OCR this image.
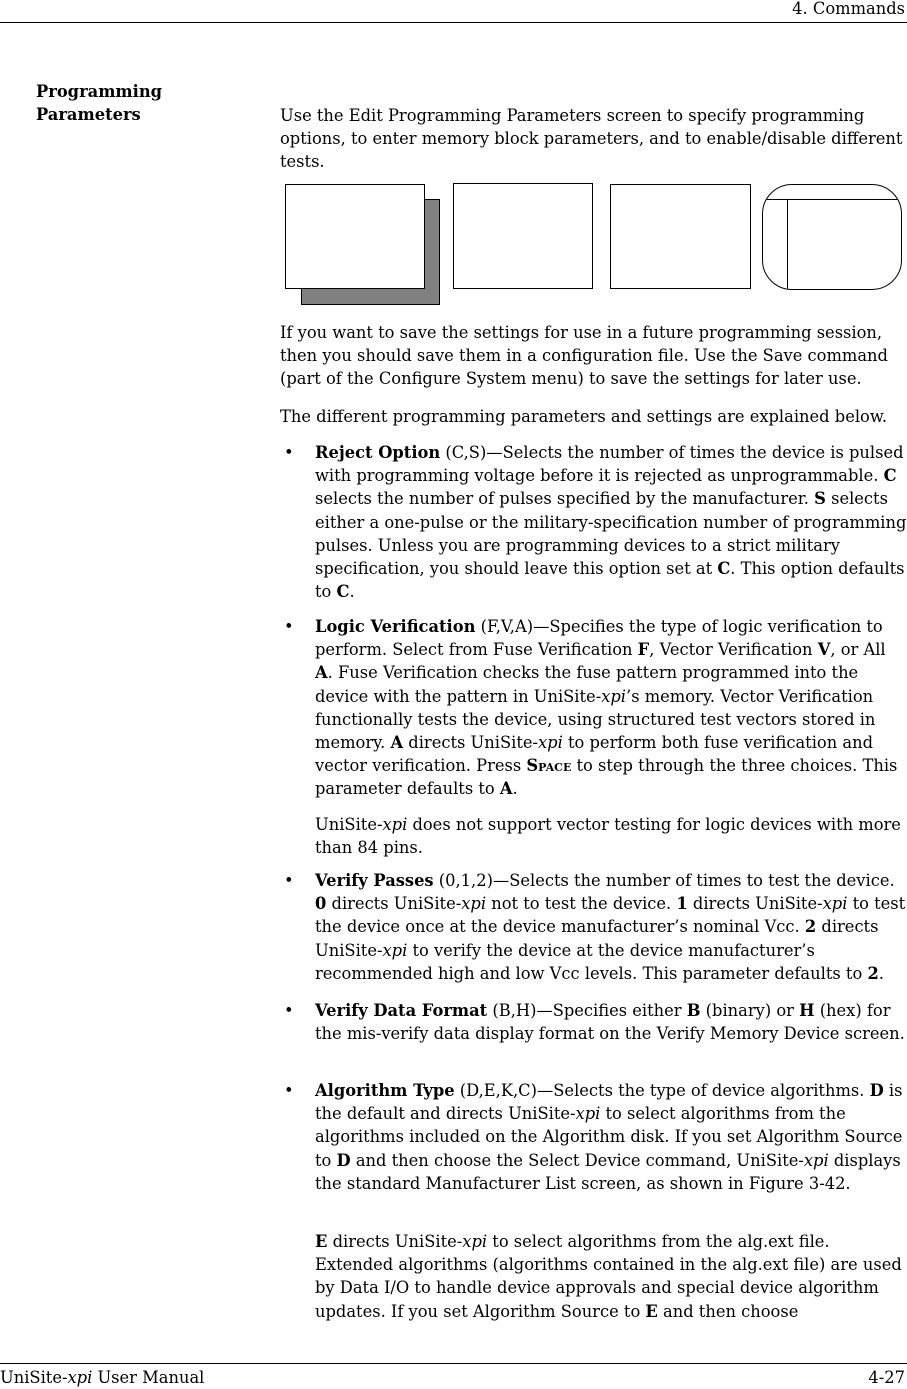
4. Commands
Programming
Parameters	Use the Edit Programming Parameters screen to specify programming options, to enter memory block parameters, and to enable/disable different tests.
If you want to save the settings for use in a future programming session, then you should save them in a configuration file. Use the Save command (part of the Configure System menu) to save the settings for later use.
The different programming parameters and settings are explained below.
• Reject Option (C,S)—Selects the number of times the device is pulsed with programming voltage before it is rejected as unprogrammable. C selects the number of pulses specified by the manufacturer. S selects either a one-pulse or the military-specification number of programming pulses. Unless you are programming devices to a strict military specification, you should leave this option set at C. This option defaults to C.
• Logic Verification (F,V,A)—Specifies the type of logic verification to perform. Select from Fuse Verification F, Vector Verification V, or All A. Fuse Verification checks the fuse pattern programmed into the device with the pattern in UniSite-xpi’s memory. Vector Verification functionally tests the device, using structured test vectors stored in memory. A directs UniSite-xpi to perform both fuse verification and vector verification. Press Space to step through the three choices. This parameter defaults to A.
UniSite-xpi does not support vector testing for logic devices with more than 84 pins.
• Verify Passes (0,1,2)—Selects the number of times to test the device. 0 directs UniSite-xpi not to test the device. 1 directs UniSite-xpi to test the device once at the device manufacturer’s nominal Vcc. 2 directs UniSite-xpi to verify the device at the device manufacturer’s recommended high and low Vcc levels. This parameter defaults to 2.
• Verify Data Format (B,H)—Specifies either B (binary) or H (hex) for the mis-verify data display format on the Verify Memory Device screen.
• Algorithm Type (D,E,K,C)—Selects the type of device algorithms. D is the default and directs UniSite-xpi to select algorithms from the algorithms included on the Algorithm disk. If you set Algorithm Source to D and then choose the Select Device command, UniSite-xpi displays the standard Manufacturer List screen, as shown in Figure 3-42.
E directs UniSite-xpi to select algorithms from the alg.ext file. Extended algorithms (algorithms contained in the alg.ext file) are used by Data I/O to handle device approvals and special device algorithm updates. If you set Algorithm Source to E and then choose
UniSite-xpi User Manual	4-27
